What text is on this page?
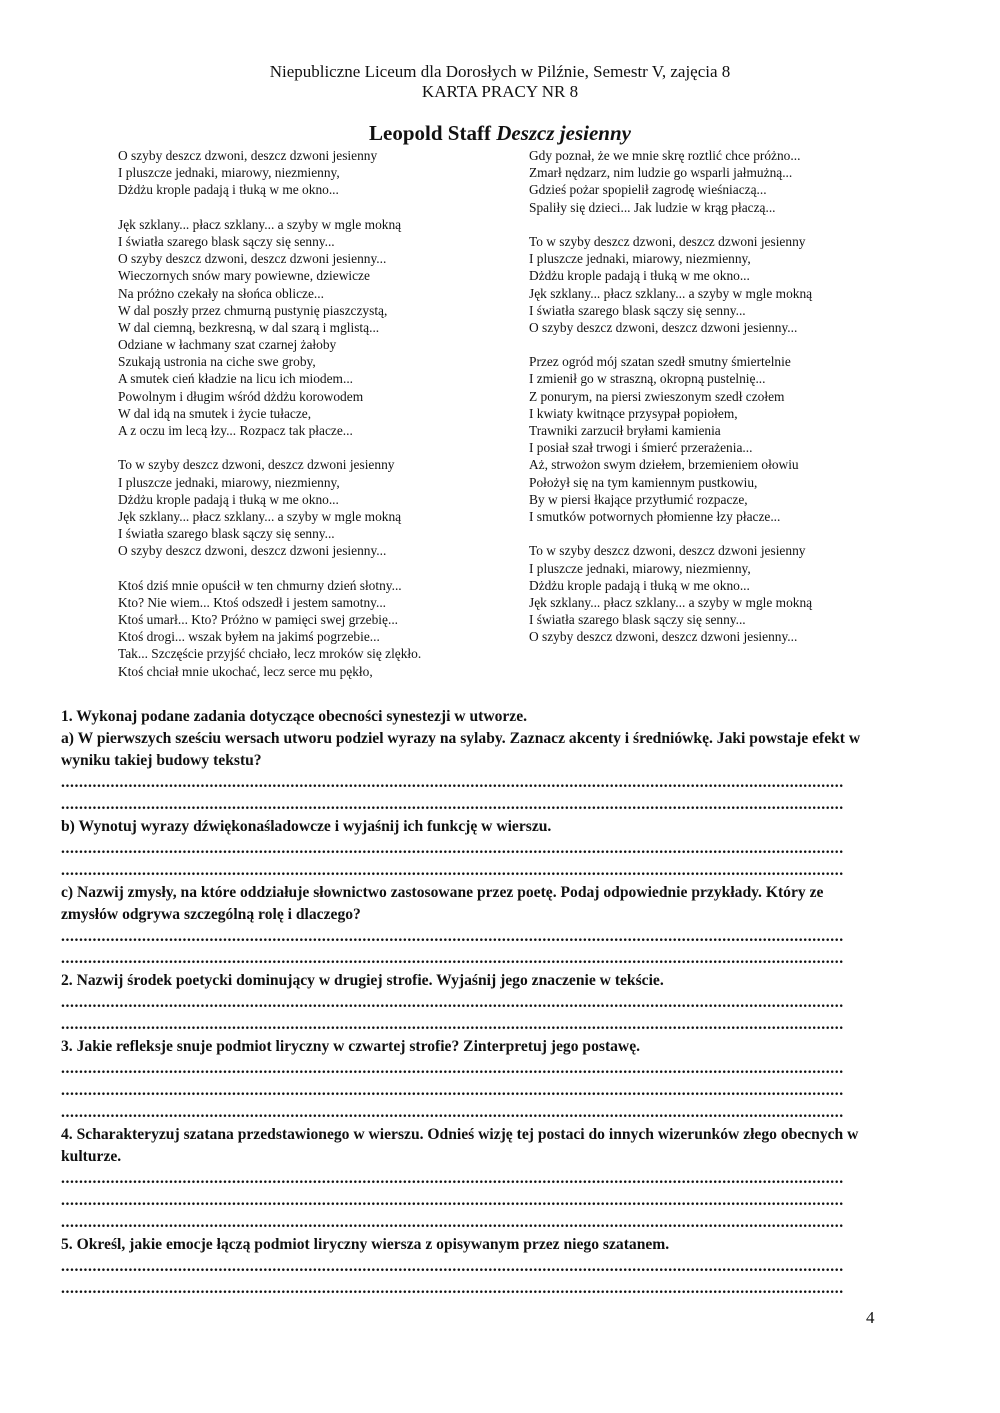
Niepubliczne Liceum dla Dorosłych w Pilźnie, Semestr V, zajęcia 8
KARTA PRACY NR 8
Leopold Staff Deszcz jesienny
O szyby deszcz dzwoni, deszcz dzwoni jesienny
I pluszcze jednaki, miarowy, niezmienny,
Dżdżu krople padają i tłuką w me okno...
Jęk szklany... płacz szklany... a szyby w mgle mokną
I światła szarego blask sączy się senny...
O szyby deszcz dzwoni, deszcz dzwoni jesienny...
Wieczornych snów mary powiewne, dziewicze
Na próżno czekały na słońca oblicze...
W dal poszły przez chmurną pustynię piaszczystą,
W dal ciemną, bezkresną, w dal szarą i mglistą...
Odziane w łachmany szat czarnej żałoby
Szukają ustronia na ciche swe groby,
A smutek cień kładzie na licu ich miodem...
Powolnym i długim wśród dżdżu korowodem
W dal idą na smutek i życie tułacze,
A z oczu im lecą łzy... Rozpacz tak płacze...
To w szyby deszcz dzwoni, deszcz dzwoni jesienny
I pluszcze jednaki, miarowy, niezmienny,
Dżdżu krople padają i tłuką w me okno...
Jęk szklany... płacz szklany... a szyby w mgle mokną
I światła szarego blask sączy się senny...
O szyby deszcz dzwoni, deszcz dzwoni jesienny...
Ktoś dziś mnie opuścił w ten chmurny dzień słotny...
Kto? Nie wiem... Ktoś odszedł i jestem samotny...
Ktoś umarł... Kto? Próżno w pamięci swej grzebię...
Ktoś drogi... wszak byłem na jakimś pogrzebie...
Tak... Szczęście przyjść chciało, lecz mroków się zlękło.
Ktoś chciał mnie ukochać, lecz serce mu pękło,
Gdy poznał, że we mnie skrę roztlić chce próżno...
Zmarł nędzarz, nim ludzie go wsparli jałmużną...
Gdzieś pożar spopielił zagrodę wieśniaczą...
Spaliły się dzieci... Jak ludzie w krąg płaczą...
To w szyby deszcz dzwoni, deszcz dzwoni jesienny
I pluszcze jednaki, miarowy, niezmienny,
Dżdżu krople padają i tłuką w me okno...
Jęk szklany... płacz szklany... a szyby w mgle mokną
I światła szarego blask sączy się senny...
O szyby deszcz dzwoni, deszcz dzwoni jesienny...
Przez ogród mój szatan szedł smutny śmiertelnie
I zmienił go w straszną, okropną pustelnię...
Z ponurym, na piersi zwieszonym szedł czołem
I kwiaty kwitnące przysypał popiołem,
Trawniki zarzucił bryłami kamienia
I posiał szał trwogi i śmierć przerażenia...
Aż, strwożon swym dziełem, brzemieniem ołowiu
Położył się na tym kamiennym pustkowiu,
By w piersi łkające przytłumić rozpacze,
I smutków potwornych płomienne łzy płacze...
To w szyby deszcz dzwoni, deszcz dzwoni jesienny
I pluszcze jednaki, miarowy, niezmienny,
Dżdżu krople padają i tłuką w me okno...
Jęk szklany... płacz szklany... a szyby w mgle mokną
I światła szarego blask sączy się senny...
O szyby deszcz dzwoni, deszcz dzwoni jesienny...
1. Wykonaj podane zadania dotyczące obecności synestezji w utworze.
a) W pierwszych sześciu wersach utworu podziel wyrazy na sylaby. Zaznacz akcenty i średniówkę. Jaki powstaje efekt w wyniku takiej budowy tekstu?
..............................................................................................................................................................................
..............................................................................................................................................................................
b) Wynotuj wyrazy dźwiękonaśladowcze i wyjaśnij ich funkcję w wierszu.
..............................................................................................................................................................................
..............................................................................................................................................................................
c) Nazwij zmysły, na które oddziałuje słownictwo zastosowane przez poetę. Podaj odpowiednie przykłady. Który ze zmysłów odgrywa szczególną rolę i dlaczego?
..............................................................................................................................................................................
..............................................................................................................................................................................
2. Nazwij środek poetycki dominujący w drugiej strofie. Wyjaśnij jego znaczenie w tekście.
..............................................................................................................................................................................
..............................................................................................................................................................................
3. Jakie refleksje snuje podmiot liryczny w czwartej strofie? Zinterpretuj jego postawę.
..............................................................................................................................................................................
..............................................................................................................................................................................
..............................................................................................................................................................................
4. Scharakteryzuj szatana przedstawionego w wierszu. Odnieś wizję tej postaci do innych wizerunków złego obecnych w kulturze.
..............................................................................................................................................................................
..............................................................................................................................................................................
..............................................................................................................................................................................
5. Określ, jakie emocje łączą podmiot liryczny wiersza z opisywanym przez niego szatanem.
..............................................................................................................................................................................
..............................................................................................................................................................................
4
